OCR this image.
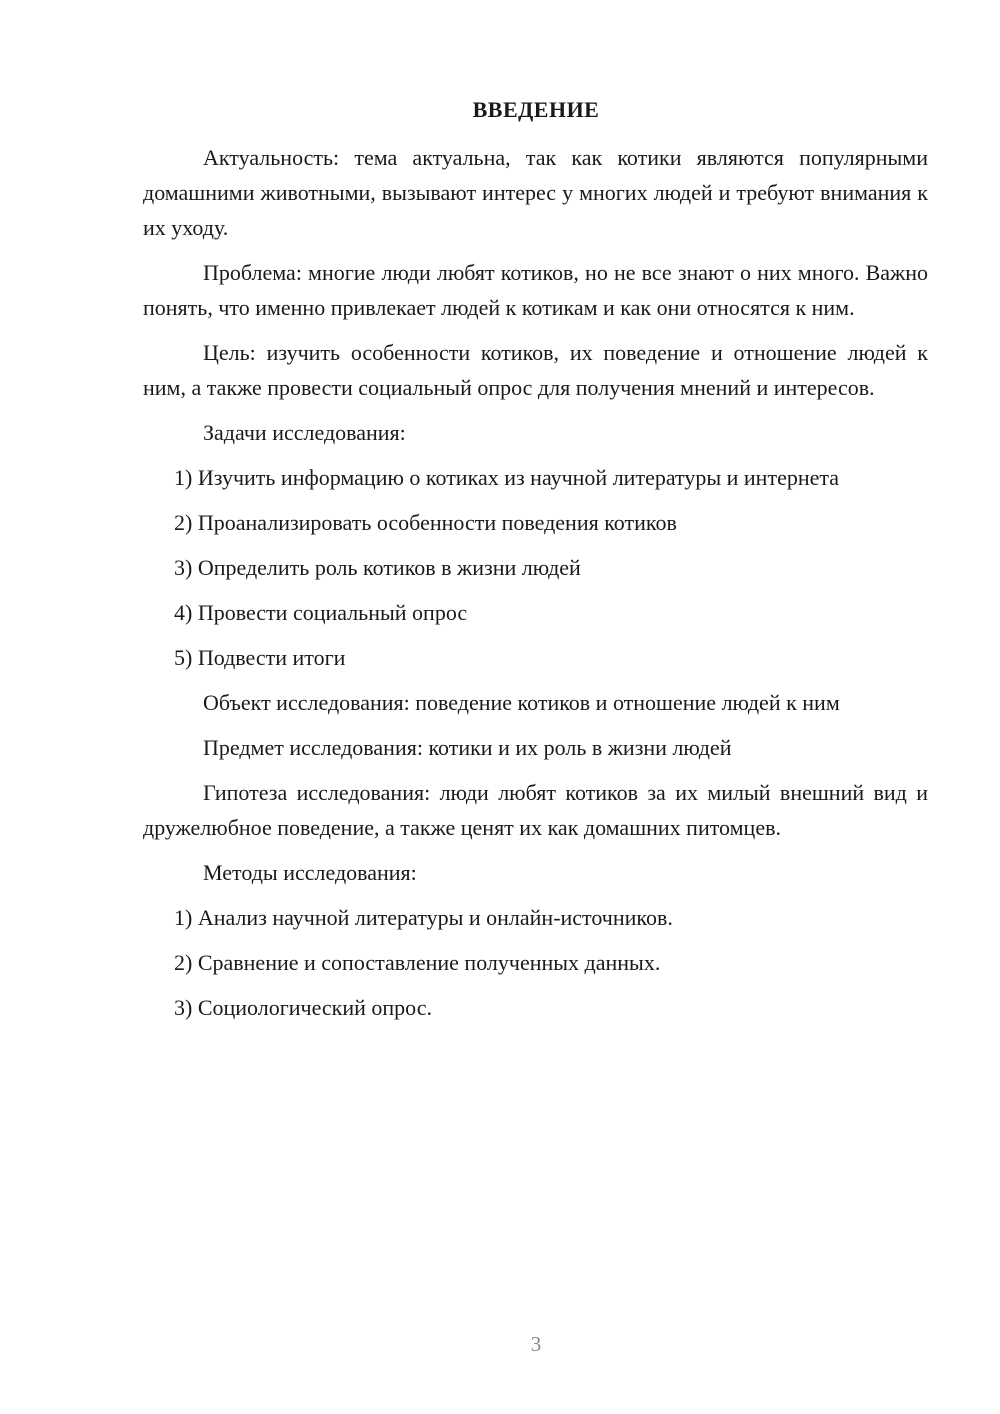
ВВЕДЕНИЕ

Актуальность: тема актуальна, так как котики являются популярными домашними животными, вызывают интерес у многих людей и требуют внимания к их уходу.

Проблема: многие люди любят котиков, но не все знают о них много. Важно понять, что именно привлекает людей к котикам и как они относятся к ним.

Цель: изучить особенности котиков, их поведение и отношение людей к ним, а также провести социальный опрос для получения мнений и интересов.

Задачи исследования:

1) Изучить информацию о котиках из научной литературы и интернета

2) Проанализировать особенности поведения котиков

3) Определить роль котиков в жизни людей

4) Провести социальный опрос

5) Подвести итоги

Объект исследования: поведение котиков и отношение людей к ним

Предмет исследования: котики и их роль в жизни людей

Гипотеза исследования: люди любят котиков за их милый внешний вид и дружелюбное поведение, а также ценят их как домашних питомцев.

Методы исследования:

1) Анализ научной литературы и онлайн-источников.

2) Сравнение и сопоставление полученных данных.

3) Социологический опрос.

3
